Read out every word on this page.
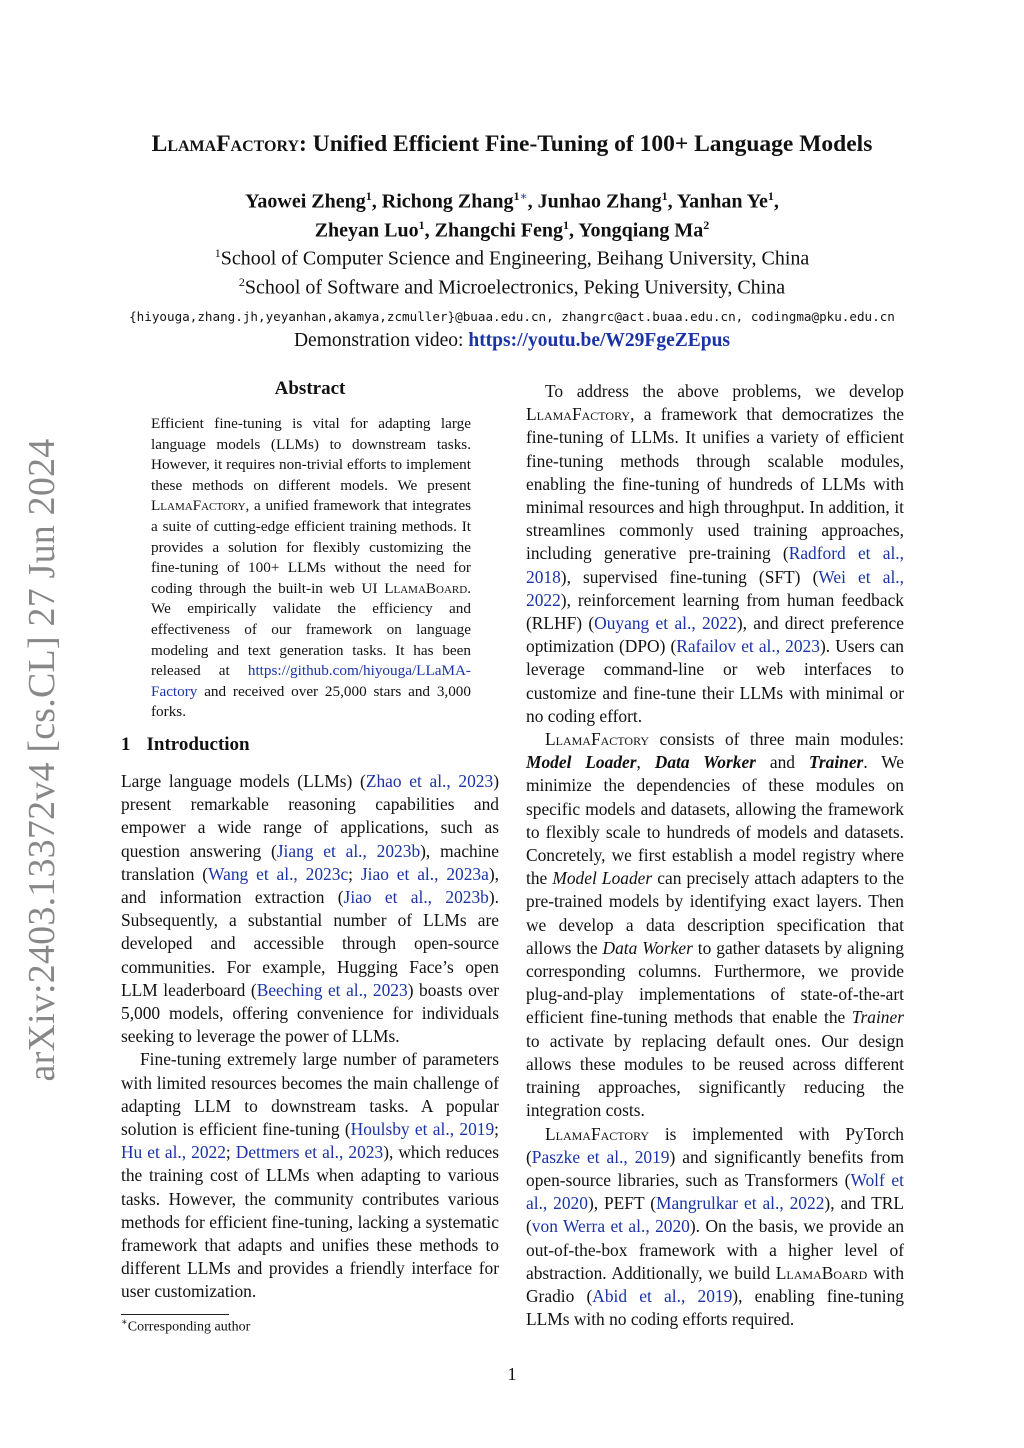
arXiv:2403.13372v4 [cs.CL] 27 Jun 2024
LlamaFactory: Unified Efficient Fine-Tuning of 100+ Language Models
Yaowei Zheng$^1$, Richong Zhang$^{1∗}$, Junhao Zhang$^1$, Yanhan Ye$^1$,
Zheyan Luo$^1$, Zhangchi Feng$^1$, Yongqiang Ma$^2$
$^1$School of Computer Science and Engineering, Beihang University, China
$^2$School of Software and Microelectronics, Peking University, China
{hiyouga,zhang.jh,yeyanhan,akamya,zcmuller}@buaa.edu.cn, zhangrc@act.buaa.edu.cn, codingma@pku.edu.cn
Demonstration video: https://youtu.be/W29FgeZEpus
Abstract

Efficient fine-tuning is vital for adapting large language models (LLMs) to downstream tasks. However, it requires non-trivial efforts to implement these methods on different models. We present LlamaFactory, a unified framework that integrates a suite of cutting-edge efficient training methods. It provides a solution for flexibly customizing the fine-tuning of 100+ LLMs without the need for coding through the built-in web UI LlamaBoard. We empirically validate the efficiency and effectiveness of our framework on language modeling and text generation tasks. It has been released at https://github.com/hiyouga/LLaMA-Factory and received over 25,000 stars and 3,000 forks.

1 Introduction

Large language models (LLMs) (Zhao et al., 2023) present remarkable reasoning capabilities and empower a wide range of applications, such as question answering (Jiang et al., 2023b), machine translation (Wang et al., 2023c; Jiao et al., 2023a), and information extraction (Jiao et al., 2023b). Subsequently, a substantial number of LLMs are developed and accessible through open-source communities. For example, Hugging Face’s open LLM leaderboard (Beeching et al., 2023) boasts over 5,000 models, offering convenience for individuals seeking to leverage the power of LLMs.

Fine-tuning extremely large number of parameters with limited resources becomes the main challenge of adapting LLM to downstream tasks. A popular solution is efficient fine-tuning (Houlsby et al., 2019; Hu et al., 2022; Dettmers et al., 2023), which reduces the training cost of LLMs when adapting to various tasks. However, the community contributes various methods for efficient fine-tuning, lacking a systematic framework that adapts and unifies these methods to different LLMs and provides a friendly interface for user customization.

∗Corresponding author

To address the above problems, we develop LlamaFactory, a framework that democratizes the fine-tuning of LLMs. It unifies a variety of efficient fine-tuning methods through scalable modules, enabling the fine-tuning of hundreds of LLMs with minimal resources and high throughput. In addition, it streamlines commonly used training approaches, including generative pre-training (Radford et al., 2018), supervised fine-tuning (SFT) (Wei et al., 2022), reinforcement learning from human feedback (RLHF) (Ouyang et al., 2022), and direct preference optimization (DPO) (Rafailov et al., 2023). Users can leverage command-line or web interfaces to customize and fine-tune their LLMs with minimal or no coding effort.

LlamaFactory consists of three main modules: Model Loader, Data Worker and Trainer. We minimize the dependencies of these modules on specific models and datasets, allowing the framework to flexibly scale to hundreds of models and datasets. Concretely, we first establish a model registry where the Model Loader can precisely attach adapters to the pre-trained models by identifying exact layers. Then we develop a data description specification that allows the Data Worker to gather datasets by aligning corresponding columns. Furthermore, we provide plug-and-play implementations of state-of-the-art efficient fine-tuning methods that enable the Trainer to activate by replacing default ones. Our design allows these modules to be reused across different training approaches, significantly reducing the integration costs.

LlamaFactory is implemented with PyTorch (Paszke et al., 2019) and significantly benefits from open-source libraries, such as Transformers (Wolf et al., 2020), PEFT (Mangrulkar et al., 2022), and TRL (von Werra et al., 2020). On the basis, we provide an out-of-the-box framework with a higher level of abstraction. Additionally, we build LlamaBoard with Gradio (Abid et al., 2019), enabling fine-tuning LLMs with no coding efforts required.

1
